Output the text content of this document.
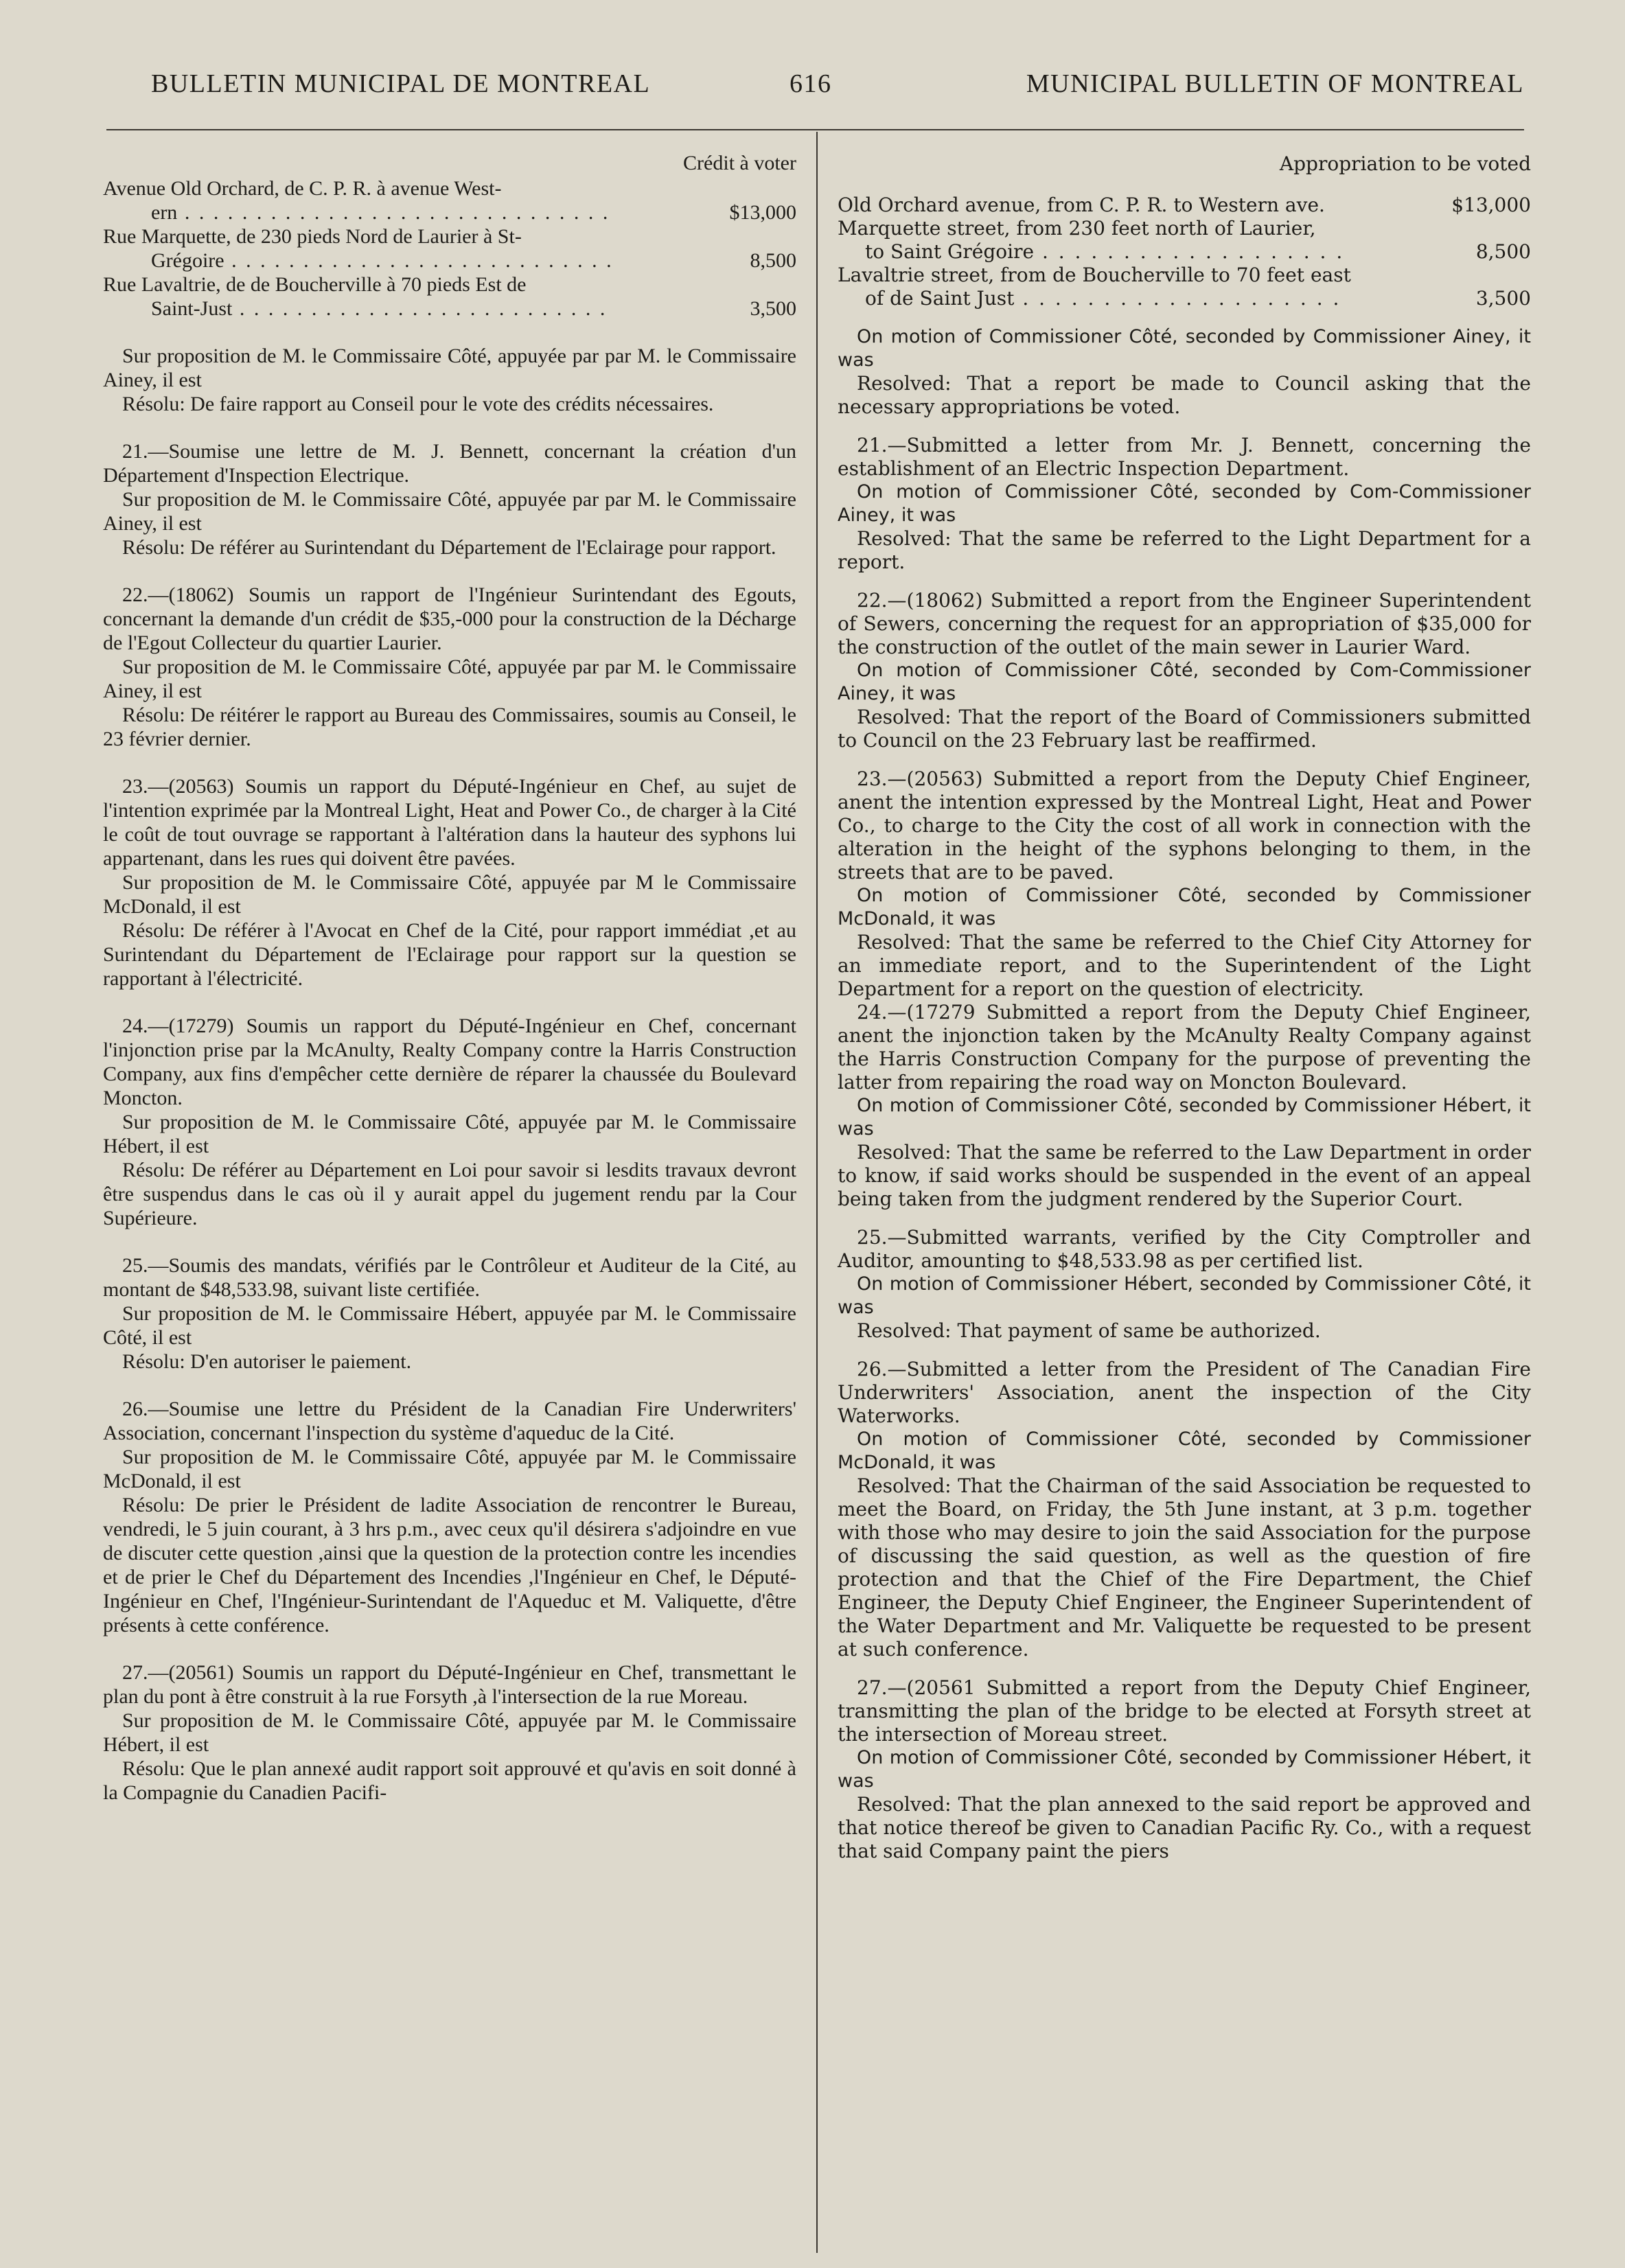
BULLETIN MUNICIPAL DE MONTREAL	616	MUNICIPAL BULLETIN OF MONTREAL
Crédit à voter
Avenue Old Orchard, de C. P. R. à avenue West-
ern . . . . . . . . . . . . . . . . . . . . . . . . . . . . . .	$13,000
Rue Marquette, de 230 pieds Nord de Laurier à St-
Grégoire . . . . . . . . . . . . . . . . . . . . . . . . . . .	8,500
Rue Lavaltrie, de de Boucherville à 70 pieds Est de
Saint-Just . . . . . . . . . . . . . . . . . . . . . . . . . .	3,500

Sur proposition de M. le Commissaire Côté, appuyée par par M. le Commissaire Ainey, il est

Résolu: De faire rapport au Conseil pour le vote des crédits nécessaires.

21.—Soumise une lettre de M. J. Bennett, concernant la création d'un Département d'Inspection Electrique.

Sur proposition de M. le Commissaire Côté, appuyée par par M. le Commissaire Ainey, il est

Résolu: De référer au Surintendant du Département de l'Eclairage pour rapport.

22.—(18062) Soumis un rapport de l'Ingénieur Surintendant des Egouts, concernant la demande d'un crédit de $35,-000 pour la construction de la Décharge de l'Egout Collecteur du quartier Laurier.

Sur proposition de M. le Commissaire Côté, appuyée par par M. le Commissaire Ainey, il est

Résolu: De réitérer le rapport au Bureau des Commissaires, soumis au Conseil, le 23 février dernier.

23.—(20563) Soumis un rapport du Député-Ingénieur en Chef, au sujet de l'intention exprimée par la Montreal Light, Heat and Power Co., de charger à la Cité le coût de tout ouvrage se rapportant à l'altération dans la hauteur des syphons lui appartenant, dans les rues qui doivent être pavées.

Sur proposition de M. le Commissaire Côté, appuyée par M le Commissaire McDonald, il est

Résolu: De référer à l'Avocat en Chef de la Cité, pour rapport immédiat ,et au Surintendant du Département de l'Eclairage pour rapport sur la question se rapportant à l'électricité.

24.—(17279) Soumis un rapport du Député-Ingénieur en Chef, concernant l'injonction prise par la McAnulty, Realty Company contre la Harris Construction Company, aux fins d'empêcher cette dernière de réparer la chaussée du Boulevard Moncton.

Sur proposition de M. le Commissaire Côté, appuyée par M. le Commissaire Hébert, il est

Résolu: De référer au Département en Loi pour savoir si lesdits travaux devront être suspendus dans le cas où il y aurait appel du jugement rendu par la Cour Supérieure.

25.—Soumis des mandats, vérifiés par le Contrôleur et Auditeur de la Cité, au montant de $48,533.98, suivant liste certifiée.

Sur proposition de M. le Commissaire Hébert, appuyée par M. le Commissaire Côté, il est

Résolu: D'en autoriser le paiement.

26.—Soumise une lettre du Président de la Canadian Fire Underwriters' Association, concernant l'inspection du système d'aqueduc de la Cité.

Sur proposition de M. le Commissaire Côté, appuyée par M. le Commissaire McDonald, il est

Résolu: De prier le Président de ladite Association de rencontrer le Bureau, vendredi, le 5 juin courant, à 3 hrs p.m., avec ceux qu'il désirera s'adjoindre en vue de discuter cette question ,ainsi que la question de la protection contre les incendies et de prier le Chef du Département des Incendies ,l'Ingénieur en Chef, le Député-Ingénieur en Chef, l'Ingénieur-Surintendant de l'Aqueduc et M. Valiquette, d'être présents à cette conférence.

27.—(20561) Soumis un rapport du Député-Ingénieur en Chef, transmettant le plan du pont à être construit à la rue Forsyth ,à l'intersection de la rue Moreau.

Sur proposition de M. le Commissaire Côté, appuyée par M. le Commissaire Hébert, il est

Résolu: Que le plan annexé audit rapport soit approuvé et qu'avis en soit donné à la Compagnie du Canadien Pacifi-

Appropriation to be voted
Old Orchard avenue, from C. P. R. to Western ave.	$13,000
Marquette street, from 230 feet north of Laurier,
to Saint Grégoire . . . . . . . . . . . . . . . . . . .	8,500
Lavaltrie street, from de Boucherville to 70 feet east
of de Saint Just . . . . . . . . . . . . . . . . . . . .	3,500

On motion of Commissioner Côté, seconded by Commissioner Ainey, it was

Resolved: That a report be made to Council asking that the necessary appropriations be voted.

21.—Submitted a letter from Mr. J. Bennett, concerning the establishment of an Electric Inspection Department.

On motion of Commissioner Côté, seconded by Com-Commissioner Ainey, it was

Resolved: That the same be referred to the Light Department for a report.

22.—(18062) Submitted a report from the Engineer Superintendent of Sewers, concerning the request for an appropriation of $35,000 for the construction of the outlet of the main sewer in Laurier Ward.

On motion of Commissioner Côté, seconded by Com-Commissioner Ainey, it was

Resolved: That the report of the Board of Commissioners submitted to Council on the 23 February last be reaffirmed.

23.—(20563) Submitted a report from the Deputy Chief Engineer, anent the intention expressed by the Montreal Light, Heat and Power Co., to charge to the City the cost of all work in connection with the alteration in the height of the syphons belonging to them, in the streets that are to be paved.

On motion of Commissioner Côté, seconded by Commissioner McDonald, it was

Resolved: That the same be referred to the Chief City Attorney for an immediate report, and to the Superintendent of the Light Department for a report on the question of electricity.

24.—(17279 Submitted a report from the Deputy Chief Engineer, anent the injonction taken by the McAnulty Realty Company against the Harris Construction Company for the purpose of preventing the latter from repairing the road way on Moncton Boulevard.

On motion of Commissioner Côté, seconded by Commissioner Hébert, it was

Resolved: That the same be referred to the Law Department in order to know, if said works should be suspended in the event of an appeal being taken from the judgment rendered by the Superior Court.

25.—Submitted warrants, verified by the City Comptroller and Auditor, amounting to $48,533.98 as per certified list.

On motion of Commissioner Hébert, seconded by Commissioner Côté, it was

Resolved: That payment of same be authorized.

26.—Submitted a letter from the President of The Canadian Fire Underwriters' Association, anent the inspection of the City Waterworks.

On motion of Commissioner Côté, seconded by Commissioner McDonald, it was

Resolved: That the Chairman of the said Association be requested to meet the Board, on Friday, the 5th June instant, at 3 p.m. together with those who may desire to join the said Association for the purpose of discussing the said question, as well as the question of fire protection and that the Chief of the Fire Department, the Chief Engineer, the Deputy Chief Engineer, the Engineer Superintendent of the Water Department and Mr. Valiquette be requested to be present at such conference.

27.—(20561 Submitted a report from the Deputy Chief Engineer, transmitting the plan of the bridge to be elected at Forsyth street at the intersection of Moreau street.

On motion of Commissioner Côté, seconded by Commissioner Hébert, it was

Resolved: That the plan annexed to the said report be approved and that notice thereof be given to Canadian Pacific Ry. Co., with a request that said Company paint the piers
